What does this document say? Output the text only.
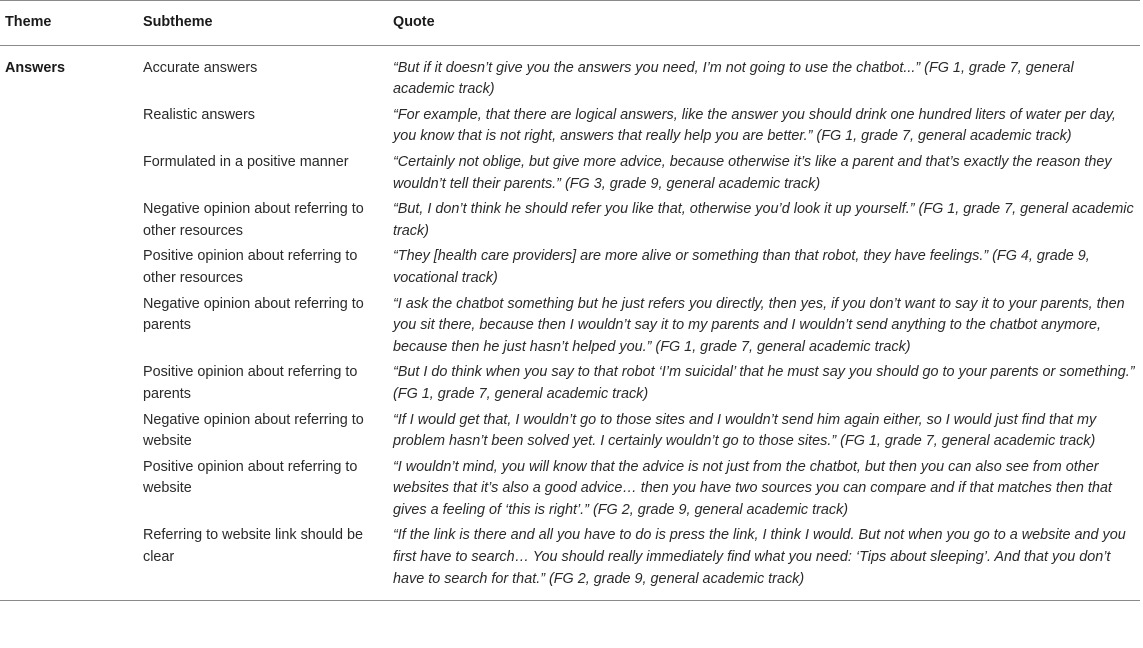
Theme	Subtheme	Quote
Answers	Accurate answers	“But if it doesn’t give you the answers you need, I’m not going to use the chatbot...” (FG 1, grade 7, general academic track)
	Realistic answers	“For example, that there are logical answers, like the answer you should drink one hundred liters of water per day, you know that is not right, answers that really help you are better.” (FG 1, grade 7, general academic track)
	Formulated in a positive manner	“Certainly not oblige, but give more advice, because otherwise it’s like a parent and that’s exactly the reason they wouldn’t tell their parents.” (FG 3, grade 9, general academic track)
	Negative opinion about referring to other resources	“But, I don’t think he should refer you like that, otherwise you’d look it up yourself.” (FG 1, grade 7, general academic track)
	Positive opinion about referring to other resources	“They [health care providers] are more alive or something than that robot, they have feelings.” (FG 4, grade 9, vocational track)
	Negative opinion about referring to parents	“I ask the chatbot something but he just refers you directly, then yes, if you don’t want to say it to your parents, then you sit there, because then I wouldn’t say it to my parents and I wouldn’t send anything to the chatbot anymore, because then he just hasn’t helped you.” (FG 1, grade 7, general academic track)
	Positive opinion about referring to parents	“But I do think when you say to that robot ‘I’m suicidal’ that he must say you should go to your parents or something.” (FG 1, grade 7, general academic track)
	Negative opinion about referring to website	“If I would get that, I wouldn’t go to those sites and I wouldn’t send him again either, so I would just find that my problem hasn’t been solved yet. I certainly wouldn’t go to those sites.” (FG 1, grade 7, general academic track)
	Positive opinion about referring to website	“I wouldn’t mind, you will know that the advice is not just from the chatbot, but then you can also see from other websites that it’s also a good advice… then you have two sources you can compare and if that matches then that gives a feeling of ‘this is right’.” (FG 2, grade 9, general academic track)
	Referring to website link should be clear	“If the link is there and all you have to do is press the link, I think I would. But not when you go to a website and you first have to search… You should really immediately find what you need: ‘Tips about sleeping’. And that you don’t have to search for that.” (FG 2, grade 9, general academic track)
